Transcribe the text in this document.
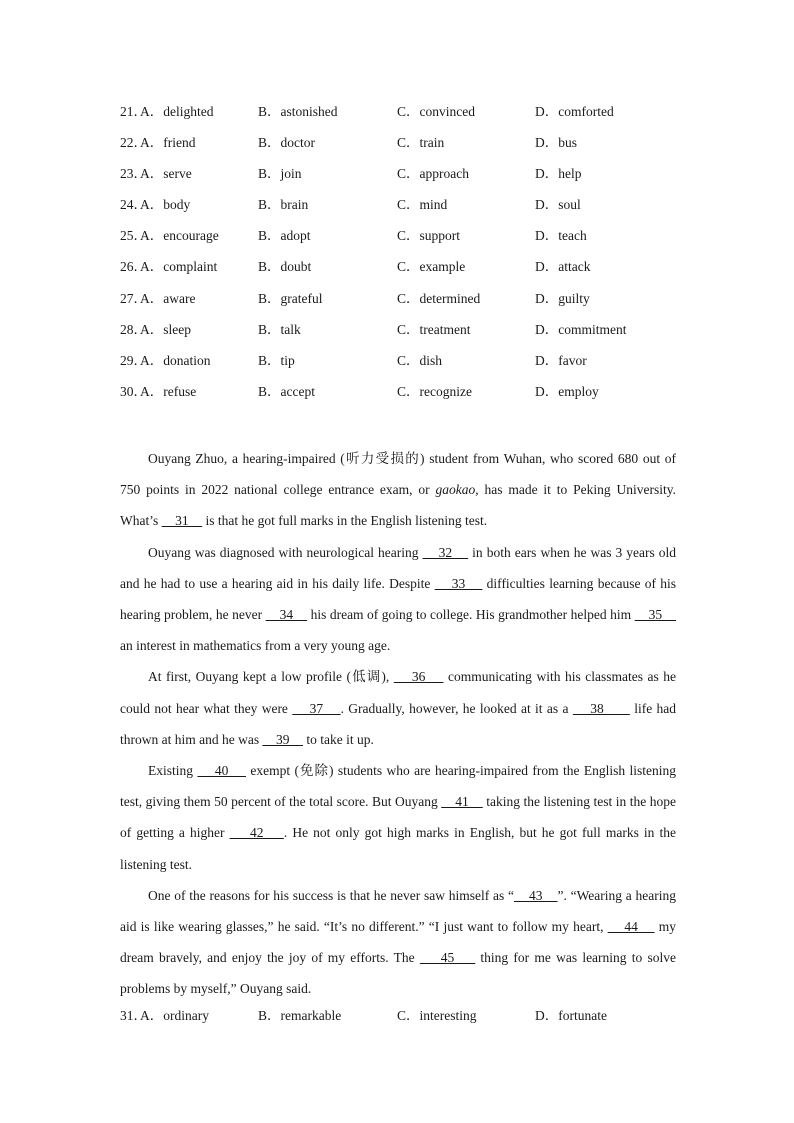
21．
A．delighted	B．astonished	C．convinced	D．comforted
22．
A．friend	B．doctor	C．train	D．bus
23．
A．serve	B．join	C．approach	D．help
24．
A．body	B．brain	C．mind	D．soul
25．
A．encourage	B．adopt	C．support	D．teach
26．
A．complaint	B．doubt	C．example	D．attack
27．
A．aware	B．grateful	C．determined	D．guilty
28．
A．sleep	B．talk	C．treatment	D．commitment
29．
A．donation	B．tip	C．dish	D．favor
30．
A．refuse	B．accept	C．recognize	D．employ

Ouyang Zhuo, a hearing-impaired (听力受损的) student from Wuhan, who scored 680 out of 750 points in 2022 national college entrance exam, or gaokao, has made it to Peking University. What’s     31     is that he got full marks in the English listening test.

Ouyang was diagnosed with neurological hearing     32     in both ears when he was 3 years old and he had to use a hearing aid in his daily life. Despite     33     difficulties learning because of his hearing problem, he never     34     his dream of going to college. His grandmother helped him     35     an interest in mathematics from a very young age.

At first, Ouyang kept a low profile (低调),     36     communicating with his classmates as he could not hear what they were     37    . Gradually, however, he looked at it as a     38       life had thrown at him and he was     39     to take it up.

Existing     40     exempt (免除) students who are hearing-impaired from the English listening test, giving them 50 percent of the total score. But Ouyang     41     taking the listening test in the hope of getting a higher     42    . He not only got high marks in English, but he got full marks in the listening test.

One of the reasons for his success is that he never saw himself as “    43    ”. “Wearing a hearing aid is like wearing glasses,” he said. “It’s no different.” “I just want to follow my heart,     44     my dream bravely, and enjoy the joy of my efforts. The     45     thing for me was learning to solve problems by myself,” Ouyang said.

31．
A．ordinary	B．remarkable	C．interesting	D．fortunate
